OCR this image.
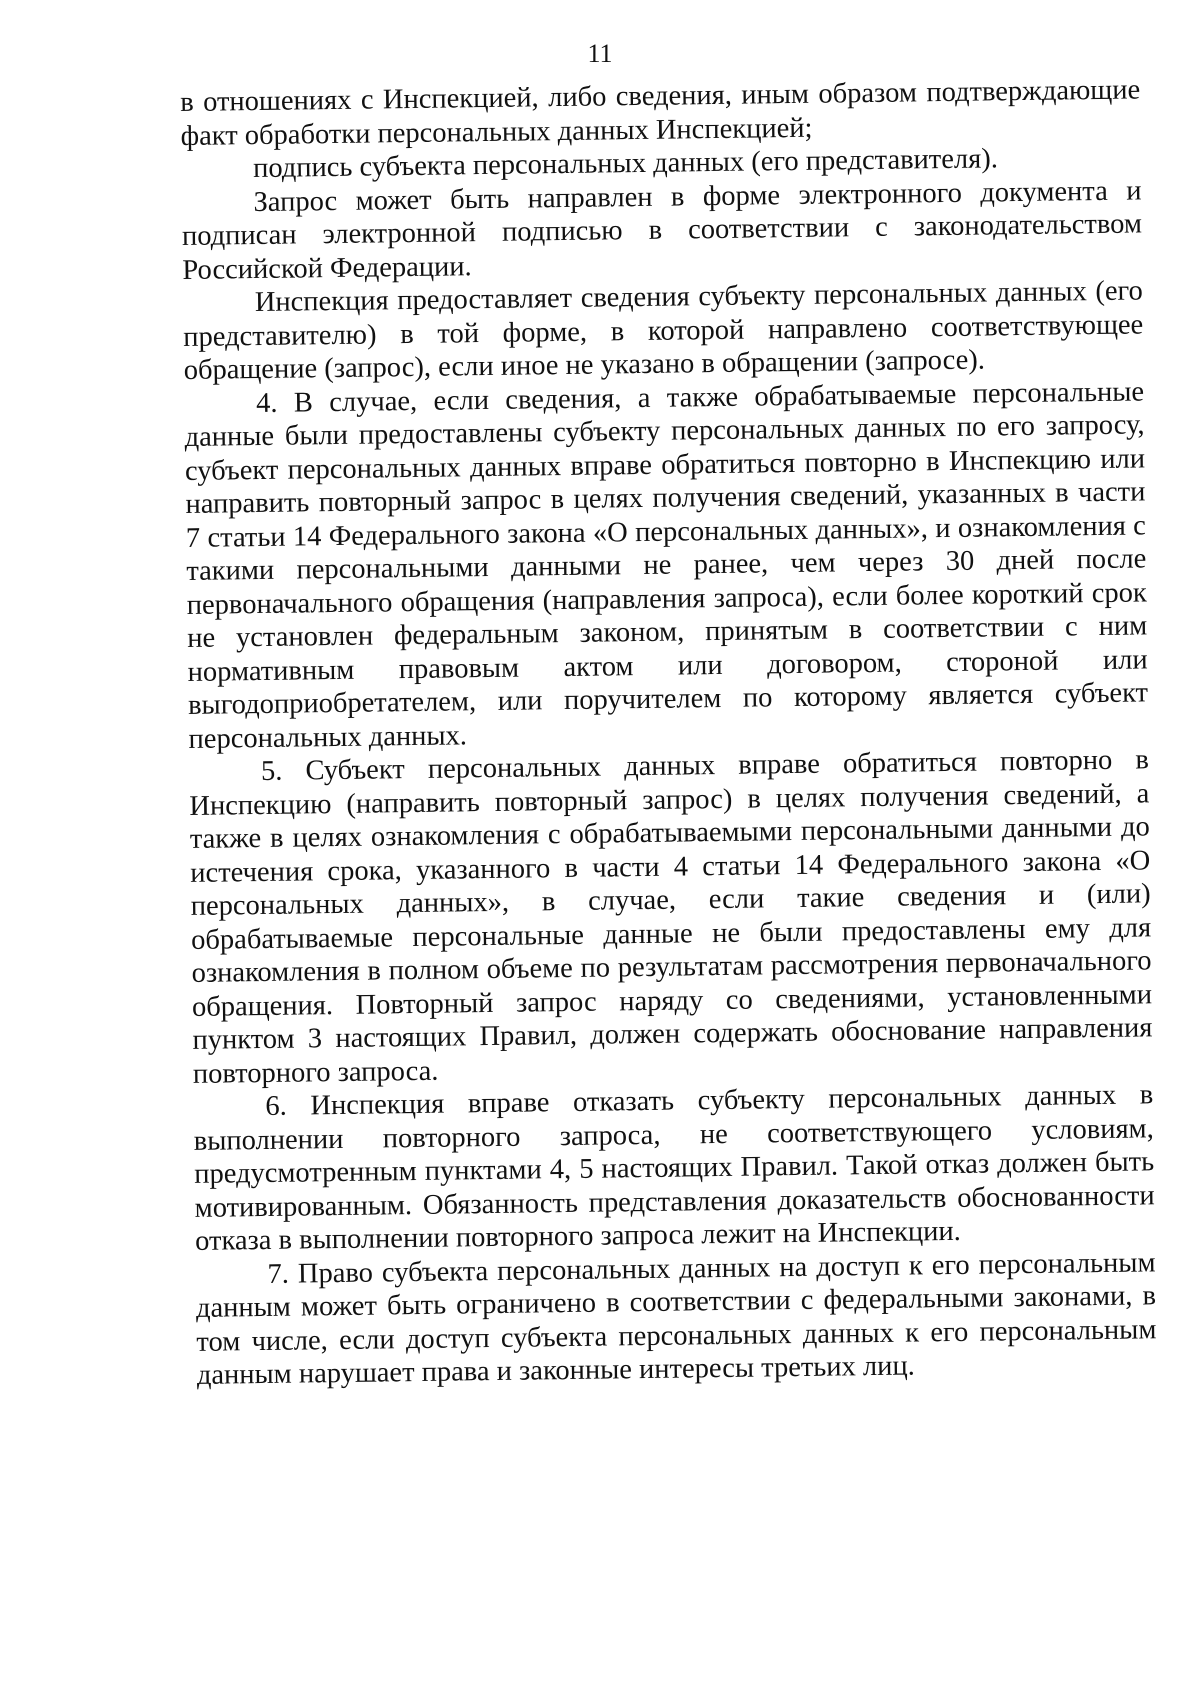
11

в отношениях с Инспекцией, либо сведения, иным образом подтверждающие факт обработки персональных данных Инспекцией;

подпись субъекта персональных данных (его представителя).

Запрос может быть направлен в форме электронного документа и подписан электронной подписью в соответствии с законодательством Российской Федерации.

Инспекция предоставляет сведения субъекту персональных данных (его представителю) в той форме, в которой направлено соответствующее обращение (запрос), если иное не указано в обращении (запросе).

4. В случае, если сведения, а также обрабатываемые персональные данные были предоставлены субъекту персональных данных по его запросу, субъект персональных данных вправе обратиться повторно в Инспекцию или направить повторный запрос в целях получения сведений, указанных в части 7 статьи 14 Федерального закона «О персональных данных», и ознакомления с такими персональными данными не ранее, чем через 30 дней после первоначального обращения (направления запроса), если более короткий срок не установлен федеральным законом, принятым в соответствии с ним нормативным правовым актом или договором, стороной или выгодоприобретателем, или поручителем по которому является субъект персональных данных.

5. Субъект персональных данных вправе обратиться повторно в Инспекцию (направить повторный запрос) в целях получения сведений, а также в целях ознакомления с обрабатываемыми персональными данными до истечения срока, указанного в части 4 статьи 14 Федерального закона «О персональных данных», в случае, если такие сведения и (или) обрабатываемые персональные данные не были предоставлены ему для ознакомления в полном объеме по результатам рассмотрения первоначального обращения. Повторный запрос наряду со сведениями, установленными пунктом 3 настоящих Правил, должен содержать обоснование направления повторного запроса.

6. Инспекция вправе отказать субъекту персональных данных в выполнении повторного запроса, не соответствующего условиям, предусмотренным пунктами 4, 5 настоящих Правил. Такой отказ должен быть мотивированным. Обязанность представления доказательств обоснованности отказа в выполнении повторного запроса лежит на Инспекции.

7. Право субъекта персональных данных на доступ к его персональным данным может быть ограничено в соответствии с федеральными законами, в том числе, если доступ субъекта персональных данных к его персональным данным нарушает права и законные интересы третьих лиц.
